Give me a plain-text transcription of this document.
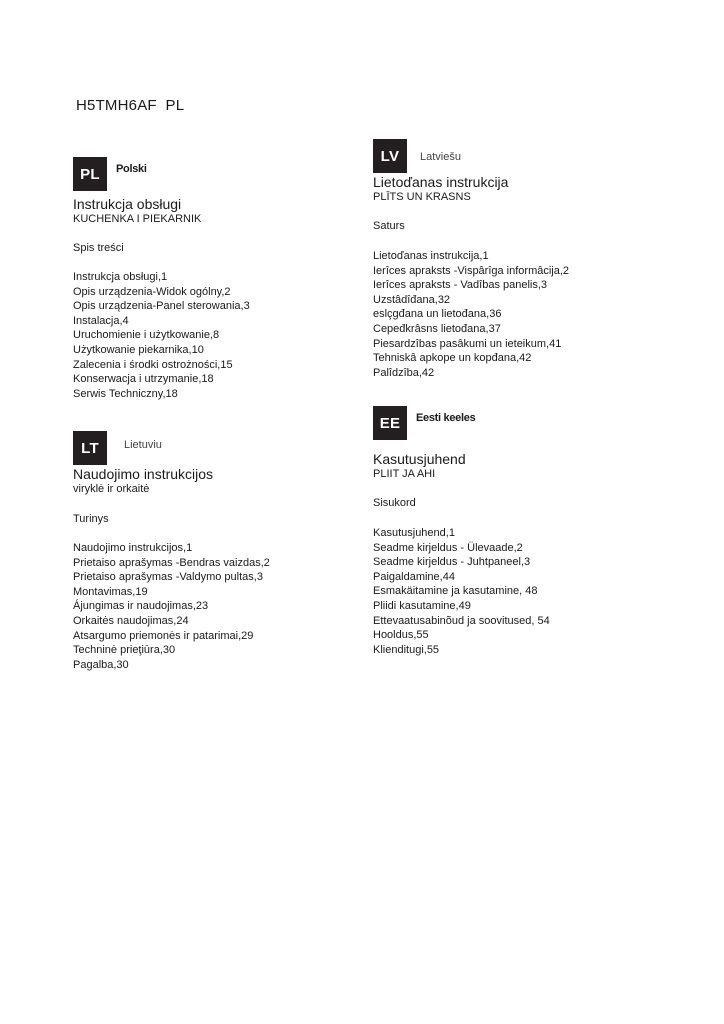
H5TMH6AF  PL
PL	Polski
Instrukcja obsługi
KUCHENKA I PIEKARNIK
Spis treści
Instrukcja obsługi,1
Opis urządzenia-Widok ogólny,2
Opis urządzenia-Panel sterowania,3
Instalacja,4
Uruchomienie i użytkowanie,8
Użytkowanie piekarnika,10
Zalecenia i środki ostrożności,15
Konserwacja i utrzymanie,18
Serwis Techniczny,18
LV	Latviešu
Lietoďanas instrukcija
PLĪTS UN KRASNS
Saturs
Lietoďanas instrukcija,1
Ierîces apraksts -Vispârîga informâcija,2
Ierîces apraksts - Vadîbas panelis,3
Uzstâdîđana,32
eslçgđana un lietođana,36
Cepeđkrâsns lietođana,37
Piesardzîbas pasâkumi un ieteikum,41
Tehniskâ apkope un kopđana,42
Palîdzîba,42
LT	Lietuviu
Naudojimo instrukcijos
viryklė ir orkaitė
Turinys
Naudojimo instrukcijos,1
Prietaiso aprašymas -Bendras vaizdas,2
Prietaiso aprašymas -Valdymo pultas,3
Montavimas,19
Ájungimas ir naudojimas,23
Orkaitės naudojimas,24
Atsargumo priemonės ir patarimai,29
Techninė prieţiūra,30
Pagalba,30
EE	Eesti keeles
Kasutusjuhend
PLIIT JA AHI
Sisukord
Kasutusjuhend,1
Seadme kirjeldus - Ülevaade,2
Seadme kirjeldus - Juhtpaneel,3
Paigaldamine,44
Esmakäitamine ja kasutamine, 48
Pliidi kasutamine,49
Ettevaatusabinõud ja soovitused, 54
Hooldus,55
Klienditugi,55
